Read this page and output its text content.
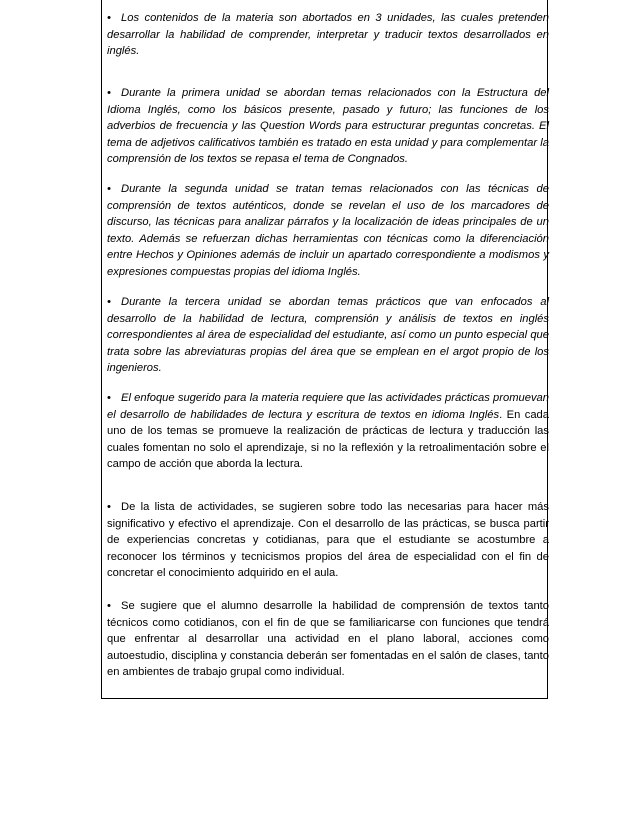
• Los contenidos de la materia son abortados en 3 unidades, las cuales pretenden desarrollar la habilidad de comprender, interpretar y traducir textos desarrollados en inglés.

• Durante la primera unidad se abordan temas relacionados con la Estructura del Idioma Inglés, como los básicos presente, pasado y futuro; las funciones de los adverbios de frecuencia y las Question Words para estructurar preguntas concretas. El tema de adjetivos calificativos también es tratado en esta unidad y para complementar la comprensión de los textos se repasa el tema de Congnados.

• Durante la segunda unidad se tratan temas relacionados con las técnicas de comprensión de textos auténticos, donde se revelan el uso de los marcadores de discurso, las técnicas para analizar párrafos y la localización de ideas principales de un texto. Además se refuerzan dichas herramientas con técnicas como la diferenciación entre Hechos y Opiniones además de incluir un apartado correspondiente a modismos y expresiones compuestas propias del idioma Inglés.

• Durante la tercera unidad se abordan temas prácticos que van enfocados al desarrollo de la habilidad de lectura, comprensión y análisis de textos en inglés correspondientes al área de especialidad del estudiante, así como un punto especial que trata sobre las abreviaturas propias del área que se emplean en el argot propio de los ingenieros.

• El enfoque sugerido para la materia requiere que las actividades prácticas promuevan el desarrollo de habilidades de lectura y escritura de textos en idioma Inglés. En cada uno de los temas se promueve la realización de prácticas de lectura y traducción las cuales fomentan no solo el aprendizaje, si no la reflexión y la retroalimentación sobre el campo de acción que aborda la lectura.

• De la lista de actividades, se sugieren sobre todo las necesarias para hacer más significativo y efectivo el aprendizaje. Con el desarrollo de las prácticas, se busca partir de experiencias concretas y cotidianas, para que el estudiante se acostumbre a reconocer los términos y tecnicismos propios del área de especialidad con el fin de concretar el conocimiento adquirido en el aula.

• Se sugiere que el alumno desarrolle la habilidad de comprensión de textos tanto técnicos como cotidianos, con el fin de que se familiaricarse con funciones que tendrá que enfrentar al desarrollar una actividad en el plano laboral, acciones como autoestudio, disciplina y constancia deberán ser fomentadas en el salón de clases, tanto en ambientes de trabajo grupal como individual.
